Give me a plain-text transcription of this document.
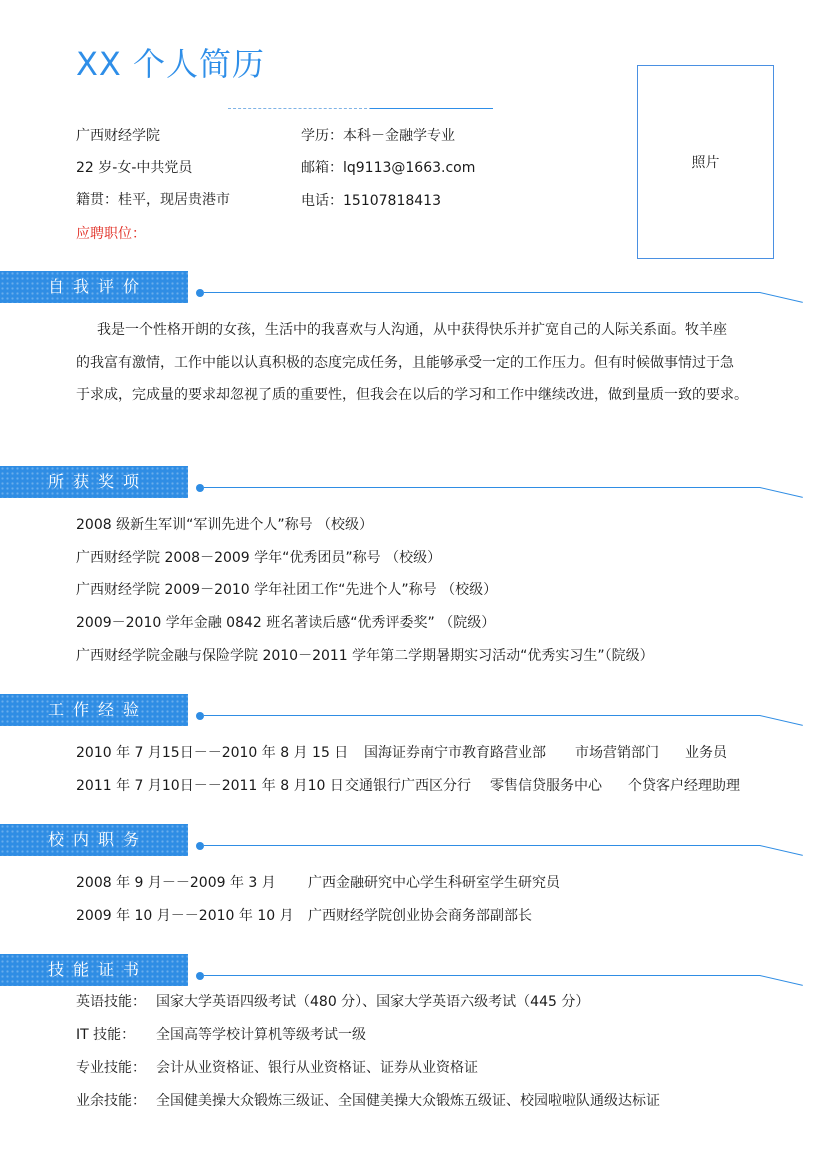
XX 个人简历
广西财经学院	学历：本科－金融学专业
22 岁-女-中共党员	邮箱：lq9113@1663.com
籍贯：桂平，现居贵港市	电话：15107818413
应聘职位：
照片
自我评价
我是一个性格开朗的女孩，生活中的我喜欢与人沟通，从中获得快乐并扩宽自己的人际关系面。牧羊座
的我富有激情，工作中能以认真积极的态度完成任务，且能够承受一定的工作压力。但有时候做事情过于急
于求成，完成量的要求却忽视了质的重要性，但我会在以后的学习和工作中继续改进，做到量质一致的要求。
所获奖项
2008 级新生军训“军训先进个人”称号 （校级）
广西财经学院 2008－2009 学年“优秀团员”称号 （校级）
广西财经学院 2009－2010 学年社团工作“先进个人”称号 （校级）
2009－2010 学年金融 0842 班名著读后感“优秀评委奖” （院级）
广西财经学院金融与保险学院 2010－2011 学年第二学期暑期实习活动“优秀实习生”（院级）
工作经验
2010 年 7 月15日－－2010 年 8 月 15 日 国海证券南宁市教育路营业部 市场营销部门 业务员
2011 年 7 月10日－－2011 年 8 月10 日 交通银行广西区分行 零售信贷服务中心 个贷客户经理助理
校内职务
2008 年 9 月－－2009 年 3 月 广西金融研究中心学生科研室学生研究员
2009 年 10 月－－2010 年 10 月 广西财经学院创业协会商务部副部长
技能证书
英语技能： 国家大学英语四级考试（480 分）、国家大学英语六级考试（445 分）
IT 技能： 全国高等学校计算机等级考试一级
专业技能： 会计从业资格证、银行从业资格证、证券从业资格证
业余技能： 全国健美操大众锻炼三级证、全国健美操大众锻炼五级证、校园啦啦队通级达标证
